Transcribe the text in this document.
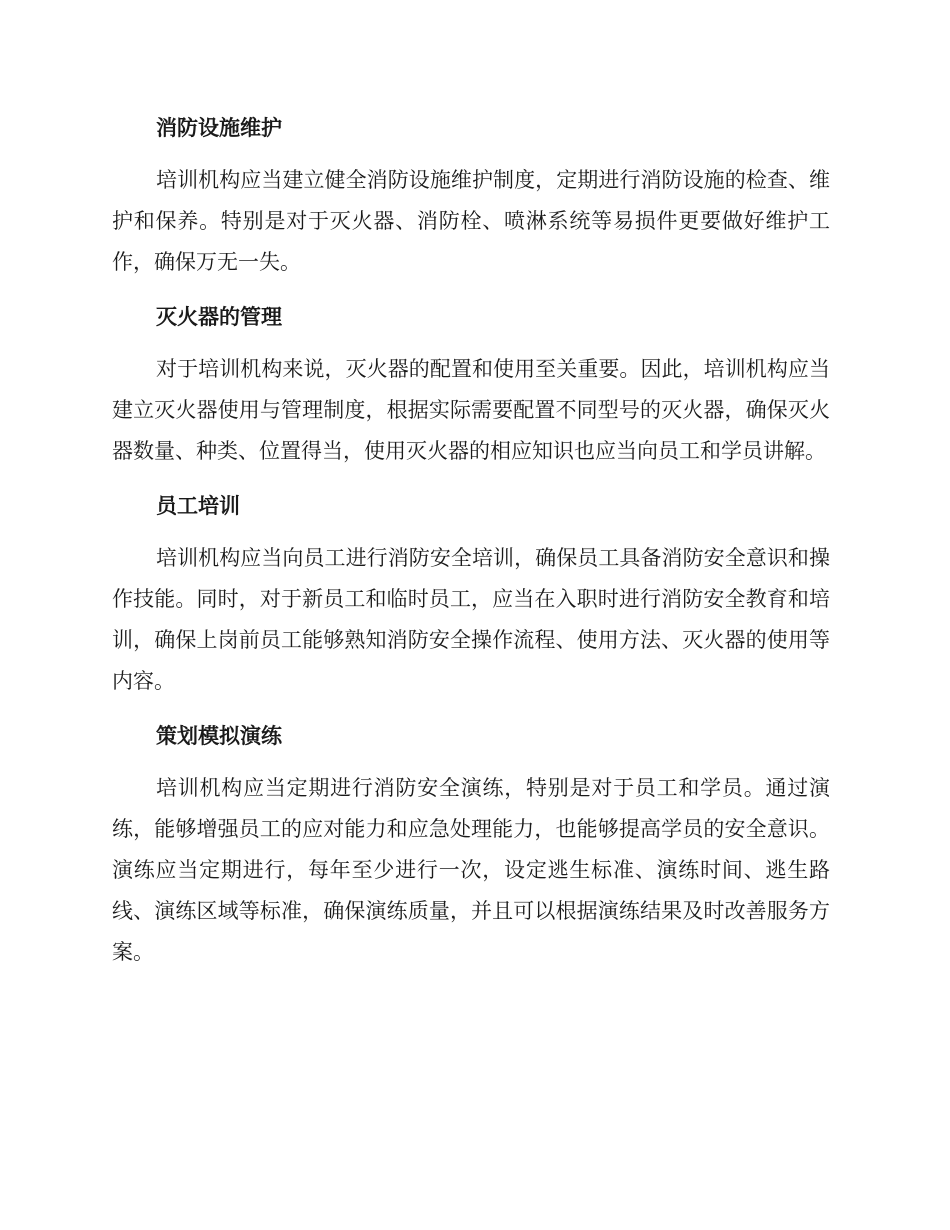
消防设施维护

培训机构应当建立健全消防设施维护制度，定期进行消防设施的检查、维护和保养。特别是对于灭火器、消防栓、喷淋系统等易损件更要做好维护工作，确保万无一失。

灭火器的管理

对于培训机构来说，灭火器的配置和使用至关重要。因此，培训机构应当建立灭火器使用与管理制度，根据实际需要配置不同型号的灭火器，确保灭火器数量、种类、位置得当，使用灭火器的相应知识也应当向员工和学员讲解。

员工培训

培训机构应当向员工进行消防安全培训，确保员工具备消防安全意识和操作技能。同时，对于新员工和临时员工，应当在入职时进行消防安全教育和培训，确保上岗前员工能够熟知消防安全操作流程、使用方法、灭火器的使用等内容。

策划模拟演练

培训机构应当定期进行消防安全演练，特别是对于员工和学员。通过演练，能够增强员工的应对能力和应急处理能力，也能够提高学员的安全意识。演练应当定期进行，每年至少进行一次，设定逃生标准、演练时间、逃生路线、演练区域等标准，确保演练质量，并且可以根据演练结果及时改善服务方案。
